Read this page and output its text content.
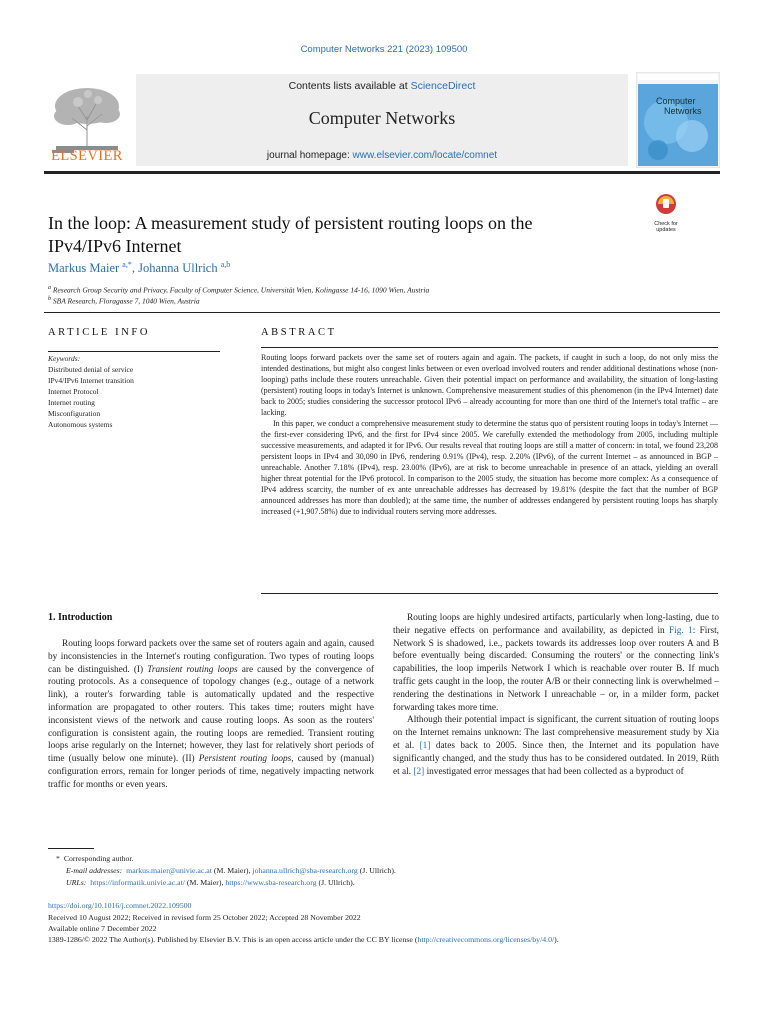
Computer Networks 221 (2023) 109500
ELSEVIER
Contents lists available at ScienceDirect
Computer Networks
journal homepage: www.elsevier.com/locate/comnet
Computer
Networks
In the loop: A measurement study of persistent routing loops on the IPv4/IPv6 Internet
Check for
updates
Markus Maier $^{a,*}$, Johanna Ullrich $^{a,b}$
$^a$ Research Group Security and Privacy, Faculty of Computer Science, Universität Wien, Kolingasse 14-16, 1090 Wien, Austria
$^b$ SBA Research, Floragasse 7, 1040 Wien, Austria
ARTICLE INFO
Keywords:
Distributed denial of service
IPv4/IPv6 Internet transition
Internet Protocol
Internet routing
Misconfiguration
Autonomous systems
ABSTRACT

Routing loops forward packets over the same set of routers again and again. The packets, if caught in such a loop, do not only miss the intended destinations, but might also congest links between or even overload involved routers and render additional destinations whose (non-looping) paths include these routers unreachable. Given their potential impact on performance and availability, the situation of long-lasting (persistent) routing loops in today's Internet is unknown. Comprehensive measurement studies of this phenomenon (in the IPv4 Internet) date back to 2005; studies considering the successor protocol IPv6 – already accounting for more than one third of the Internet's total traffic – are lacking.

In this paper, we conduct a comprehensive measurement study to determine the status quo of persistent routing loops in today's Internet — the first-ever considering IPv6, and the first for IPv4 since 2005. We carefully extended the methodology from 2005, including multiple successive measurements, and adapted it for IPv6. Our results reveal that routing loops are still a matter of concern: in total, we found 23,208 persistent loops in IPv4 and 30,090 in IPv6, rendering 0.91% (IPv4), resp. 2.20% (IPv6), of the current Internet – as announced in BGP – unreachable. Another 7.18% (IPv4), resp. 23.00% (IPv6), are at risk to become unreachable in presence of an attack, yielding an overall higher threat potential for the IPv6 protocol. In comparison to the 2005 study, the situation has become more complex: As a consequence of IPv4 address scarcity, the number of ex ante unreachable addresses has decreased by 19.81% (despite the fact that the number of BGP announced addresses has more than doubled); at the same time, the number of addresses endangered by persistent routing loops has sharply increased (+1,907.58%) due to individual routers serving more addresses.

1. Introduction

Routing loops forward packets over the same set of routers again and again, caused by inconsistencies in the Internet's routing configuration. Two types of routing loops can be distinguished. (I) Transient routing loops are caused by the convergence of routing protocols. As a consequence of topology changes (e.g., outage of a network link), a router's forwarding table is automatically updated and the respective information are propagated to other routers. This takes time; routers might have inconsistent views of the network and cause routing loops. As soon as the routers' configuration is consistent again, the routing loops are remedied. Transient routing loops arise regularly on the Internet; however, they last for relatively short periods of time (usually below one minute). (II) Persistent routing loops, caused by (manual) configuration errors, remain for longer periods of time, negatively impacting network traffic for months or even years.

Routing loops are highly undesired artifacts, particularly when long-lasting, due to their negative effects on performance and availability, as depicted in Fig. 1: First, Network S is shadowed, i.e., packets towards its addresses loop over routers A and B before eventually being discarded. Consuming the routers' or the connecting link's capabilities, the loop imperils Network I which is reachable over router B. If much traffic gets caught in the loop, the router A/B or their connecting link is overwhelmed – rendering the destinations in Network I unreachable – or, in a milder form, packet forwarding takes more time.

Although their potential impact is significant, the current situation of routing loops on the Internet remains unknown: The last comprehensive measurement study by Xia et al. [1] dates back to 2005. Since then, the Internet and its population have significantly changed, and the study thus has to be considered outdated. In 2019, Rüth et al. [2] investigated error messages that had been collected as a byproduct of

* Corresponding author.
E-mail addresses: markus.maier@univie.ac.at (M. Maier), johanna.ullrich@sba-research.org (J. Ullrich).
URLs: https://informatik.univie.ac.at/ (M. Maier), https://www.sba-research.org (J. Ullrich).
https://doi.org/10.1016/j.comnet.2022.109500
Received 10 August 2022; Received in revised form 25 October 2022; Accepted 28 November 2022
Available online 7 December 2022
1389-1286/© 2022 The Author(s). Published by Elsevier B.V. This is an open access article under the CC BY license (http://creativecommons.org/licenses/by/4.0/).
